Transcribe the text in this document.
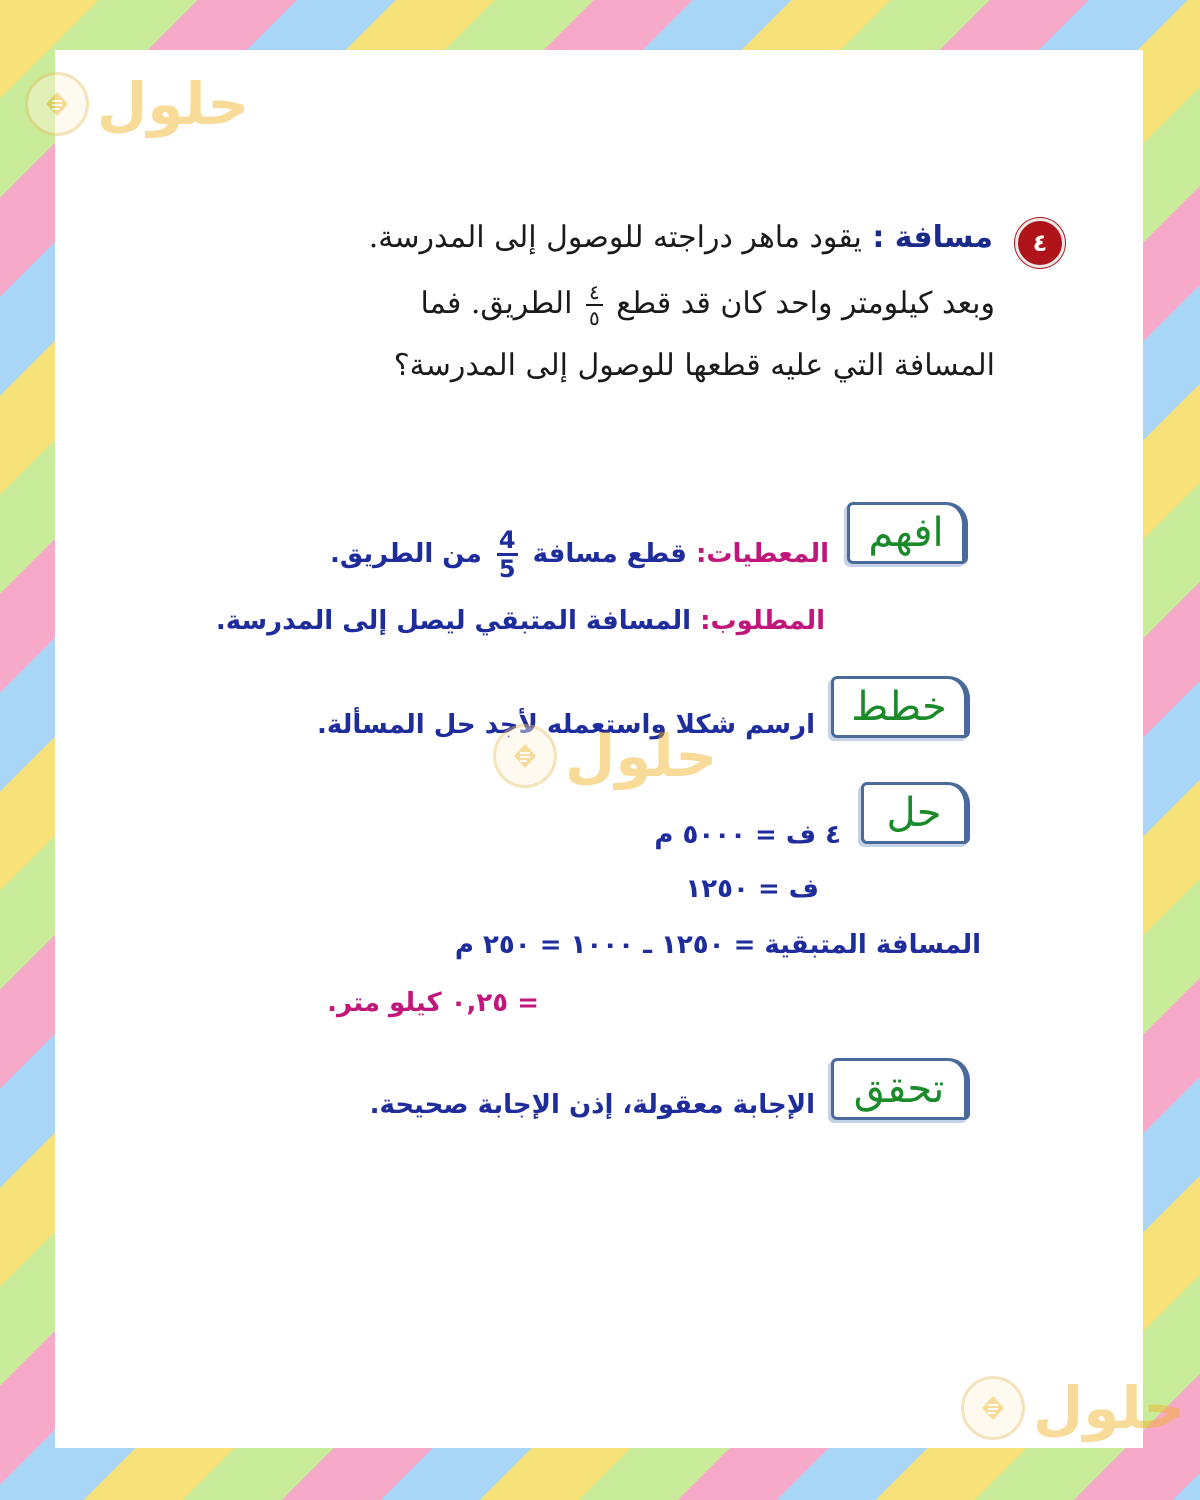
حلول
٤
مسافة : يقود ماهر دراجته للوصول إلى المدرسة.
وبعد كيلومتر واحد كان قد قطع
$\frac{٤}{٥}$
الطريق. فما
المسافة التي عليه قطعها للوصول إلى المدرسة؟
افهم
المعطيات: قطع مسافة
$\frac{4}{5}$
من الطريق.
المطلوب: المسافة المتبقي ليصل إلى المدرسة.
خطط
ارسم شكلا واستعمله لأجد حل المسألة.
حلول
حل
٤ ف = ٥٠٠٠ م
ف = ١٢٥٠
المسافة المتبقية = ١٢٥٠ ـ ١٠٠٠ = ٢٥٠ م
= ٠,٢٥ كيلو متر.
تحقق
الإجابة معقولة، إذن الإجابة صحيحة.
حلول
